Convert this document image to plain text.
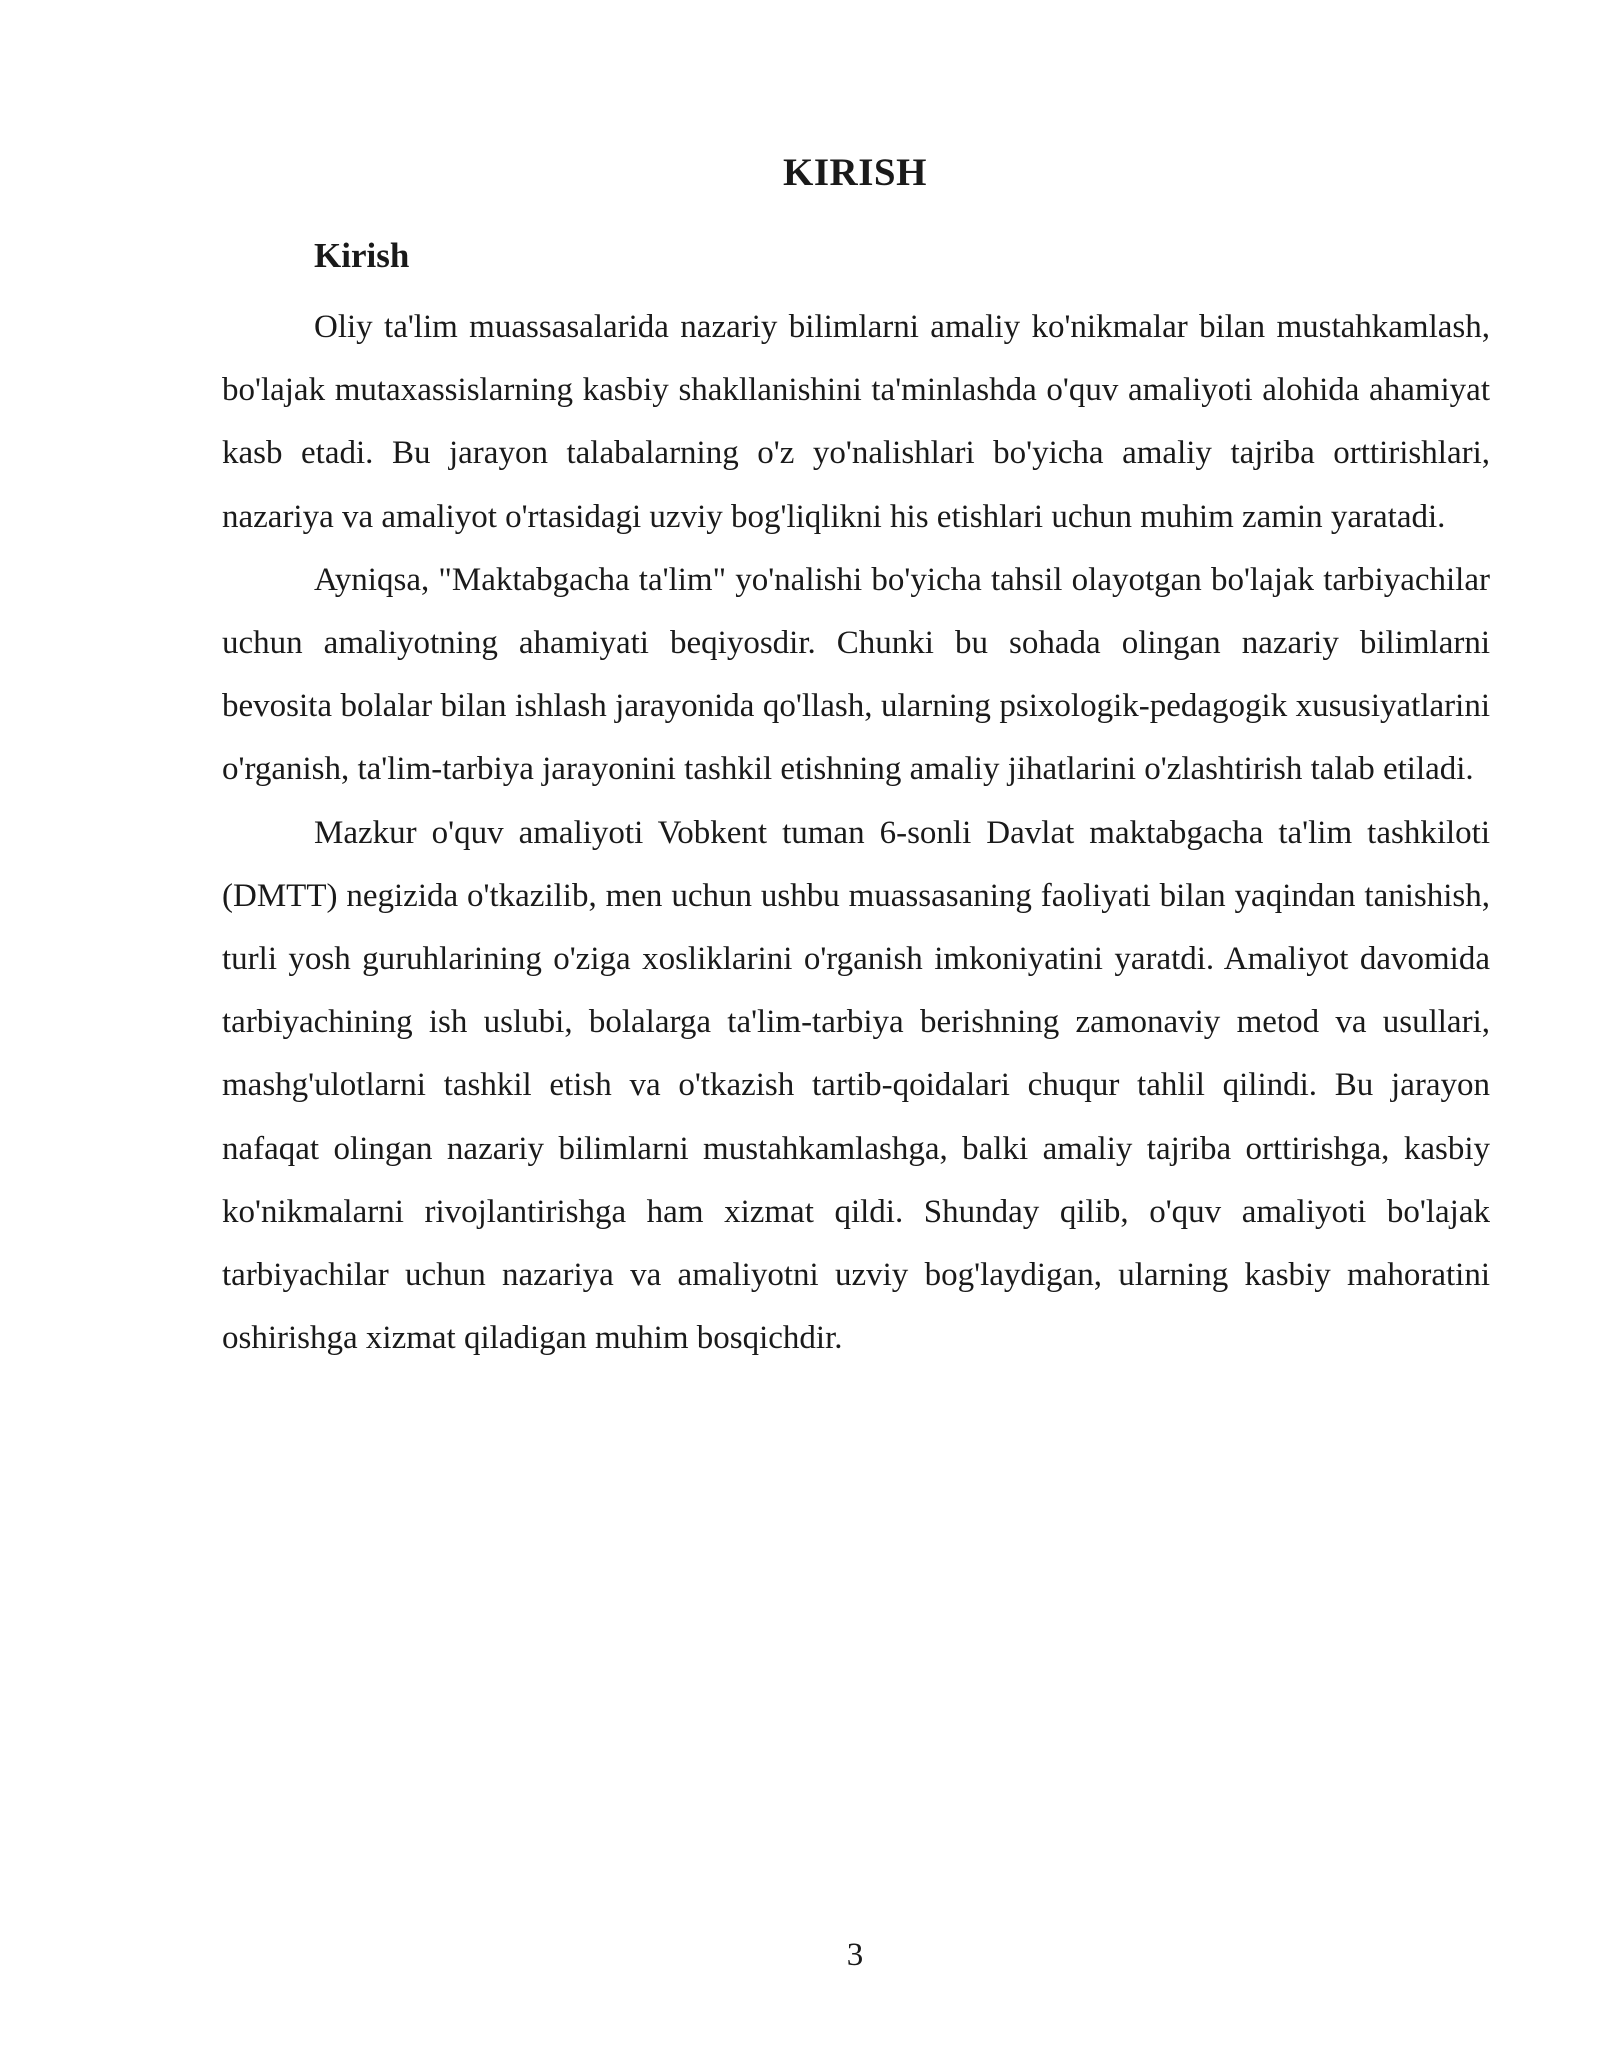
KIRISH
Kirish

Oliy ta'lim muassasalarida nazariy bilimlarni amaliy ko'nikmalar bilan mustahkamlash, bo'lajak mutaxassislarning kasbiy shakllanishini ta'minlashda o'quv amaliyoti alohida ahamiyat kasb etadi. Bu jarayon talabalarning o'z yo'nalishlari bo'yicha amaliy tajriba orttirishlari, nazariya va amaliyot o'rtasidagi uzviy bog'liqlikni his etishlari uchun muhim zamin yaratadi.

Ayniqsa, "Maktabgacha ta'lim" yo'nalishi bo'yicha tahsil olayotgan bo'lajak tarbiyachilar uchun amaliyotning ahamiyati beqiyosdir. Chunki bu sohada olingan nazariy bilimlarni bevosita bolalar bilan ishlash jarayonida qo'llash, ularning psixologik-pedagogik xususiyatlarini o'rganish, ta'lim-tarbiya jarayonini tashkil etishning amaliy jihatlarini o'zlashtirish talab etiladi.

Mazkur o'quv amaliyoti Vobkent tuman 6-sonli Davlat maktabgacha ta'lim tashkiloti (DMTT) negizida o'tkazilib, men uchun ushbu muassasaning faoliyati bilan yaqindan tanishish, turli yosh guruhlarining o'ziga xosliklarini o'rganish imkoniyatini yaratdi. Amaliyot davomida tarbiyachining ish uslubi, bolalarga ta'lim-tarbiya berishning zamonaviy metod va usullari, mashg'ulotlarni tashkil etish va o'tkazish tartib-qoidalari chuqur tahlil qilindi. Bu jarayon nafaqat olingan nazariy bilimlarni mustahkamlashga, balki amaliy tajriba orttirishga, kasbiy ko'nikmalarni rivojlantirishga ham xizmat qildi. Shunday qilib, o'quv amaliyoti bo'lajak tarbiyachilar uchun nazariya va amaliyotni uzviy bog'laydigan, ularning kasbiy mahoratini oshirishga xizmat qiladigan muhim bosqichdir.

3
